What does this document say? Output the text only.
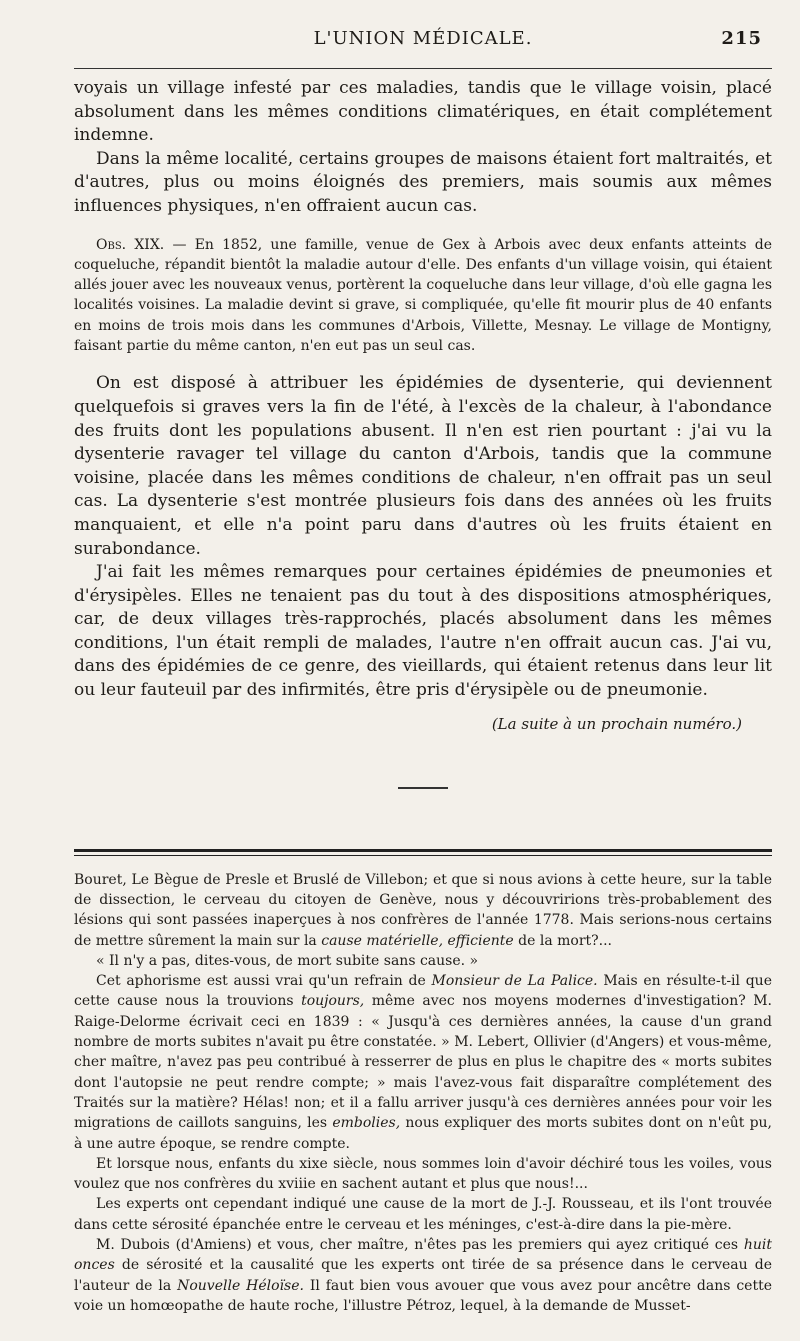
L'UNION MÉDICALE.	215

voyais un village infesté par ces maladies, tandis que le village voisin, placé absolument dans les mêmes conditions climatériques, en était complétement indemne.

Dans la même localité, certains groupes de maisons étaient fort maltraités, et d'autres, plus ou moins éloignés des premiers, mais soumis aux mêmes influences physiques, n'en offraient aucun cas.

Obs. XIX. — En 1852, une famille, venue de Gex à Arbois avec deux enfants atteints de coqueluche, répandit bientôt la maladie autour d'elle. Des enfants d'un village voisin, qui étaient allés jouer avec les nouveaux venus, portèrent la coqueluche dans leur village, d'où elle gagna les localités voisines. La maladie devint si grave, si compliquée, qu'elle fit mourir plus de 40 enfants en moins de trois mois dans les communes d'Arbois, Villette, Mesnay. Le village de Montigny, faisant partie du même canton, n'en eut pas un seul cas.

On est disposé à attribuer les épidémies de dysenterie, qui deviennent quelquefois si graves vers la fin de l'été, à l'excès de la chaleur, à l'abondance des fruits dont les populations abusent. Il n'en est rien pourtant : j'ai vu la dysenterie ravager tel village du canton d'Arbois, tandis que la commune voisine, placée dans les mêmes conditions de chaleur, n'en offrait pas un seul cas. La dysenterie s'est montrée plusieurs fois dans des années où les fruits manquaient, et elle n'a point paru dans d'autres où les fruits étaient en surabondance.

J'ai fait les mêmes remarques pour certaines épidémies de pneumonies et d'érysipèles. Elles ne tenaient pas du tout à des dispositions atmosphériques, car, de deux villages très-rapprochés, placés absolument dans les mêmes conditions, l'un était rempli de malades, l'autre n'en offrait aucun cas. J'ai vu, dans des épidémies de ce genre, des vieillards, qui étaient retenus dans leur lit ou leur fauteuil par des infirmités, être pris d'érysipèle ou de pneumonie.

(La suite à un prochain numéro.)

Bouret, Le Bègue de Presle et Bruslé de Villebon; et que si nous avions à cette heure, sur la table de dissection, le cerveau du citoyen de Genève, nous y découvririons très-probablement des lésions qui sont passées inaperçues à nos confrères de l'année 1778. Mais serions-nous certains de mettre sûrement la main sur la cause matérielle, efficiente de la mort?...

« Il n'y a pas, dites-vous, de mort subite sans cause. »

Cet aphorisme est aussi vrai qu'un refrain de Monsieur de La Palice. Mais en résulte-t-il que cette cause nous la trouvions toujours, même avec nos moyens modernes d'investigation? M. Raige-Delorme écrivait ceci en 1839 : « Jusqu'à ces dernières années, la cause d'un grand nombre de morts subites n'avait pu être constatée. » M. Lebert, Ollivier (d'Angers) et vous-même, cher maître, n'avez pas peu contribué à resserrer de plus en plus le chapitre des « morts subites dont l'autopsie ne peut rendre compte; » mais l'avez-vous fait disparaître complétement des Traités sur la matière? Hélas! non; et il a fallu arriver jusqu'à ces dernières années pour voir les migrations de caillots sanguins, les embolies, nous expliquer des morts subites dont on n'eût pu, à une autre époque, se rendre compte.

Et lorsque nous, enfants du xixe siècle, nous sommes loin d'avoir déchiré tous les voiles, vous voulez que nos confrères du xviiie en sachent autant et plus que nous!...

Les experts ont cependant indiqué une cause de la mort de J.-J. Rousseau, et ils l'ont trouvée dans cette sérosité épanchée entre le cerveau et les méninges, c'est-à-dire dans la pie-mère.

M. Dubois (d'Amiens) et vous, cher maître, n'êtes pas les premiers qui ayez critiqué ces huit onces de sérosité et la causalité que les experts ont tirée de sa présence dans le cerveau de l'auteur de la Nouvelle Héloïse. Il faut bien vous avouer que vous avez pour ancêtre dans cette voie un homœopathe de haute roche, l'illustre Pétroz, lequel, à la demande de Musset-
